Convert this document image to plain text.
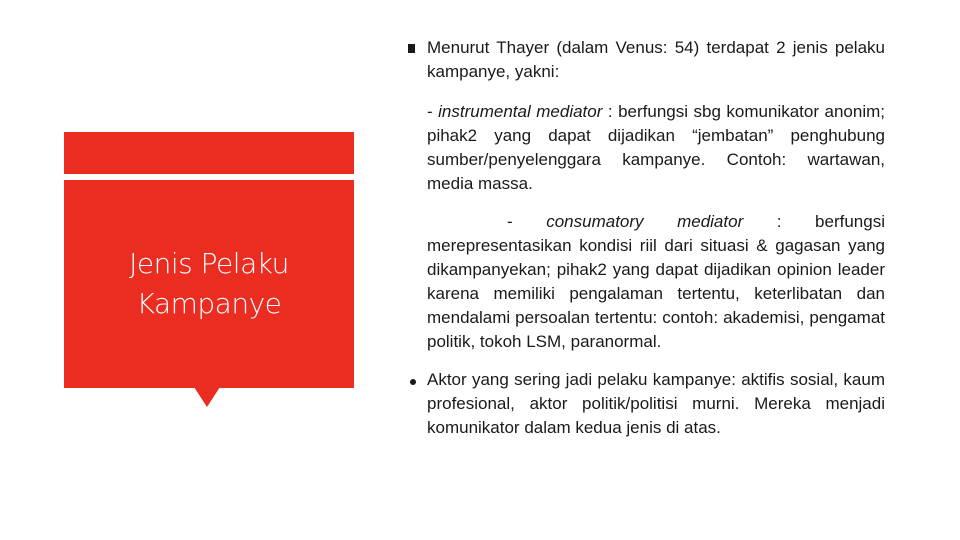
Jenis Pelaku Kampanye
Menurut Thayer (dalam Venus: 54) terdapat 2 jenis pelaku kampanye, yakni:

- instrumental mediator : berfungsi sbg komunikator anonim; pihak2 yang dapat dijadikan “jembatan” penghubung sumber/penyelenggara kampanye. Contoh: wartawan, media massa.

- consumatory mediator : berfungsi merepresentasikan kondisi riil dari situasi & gagasan yang dikampanyekan; pihak2 yang dapat dijadikan opinion leader karena memiliki pengalaman tertentu, keterlibatan dan mendalami persoalan tertentu: contoh: akademisi, pengamat politik, tokoh LSM, paranormal.

Aktor yang sering jadi pelaku kampanye: aktifis sosial, kaum profesional, aktor politik/politisi murni. Mereka menjadi komunikator dalam kedua jenis di atas.
